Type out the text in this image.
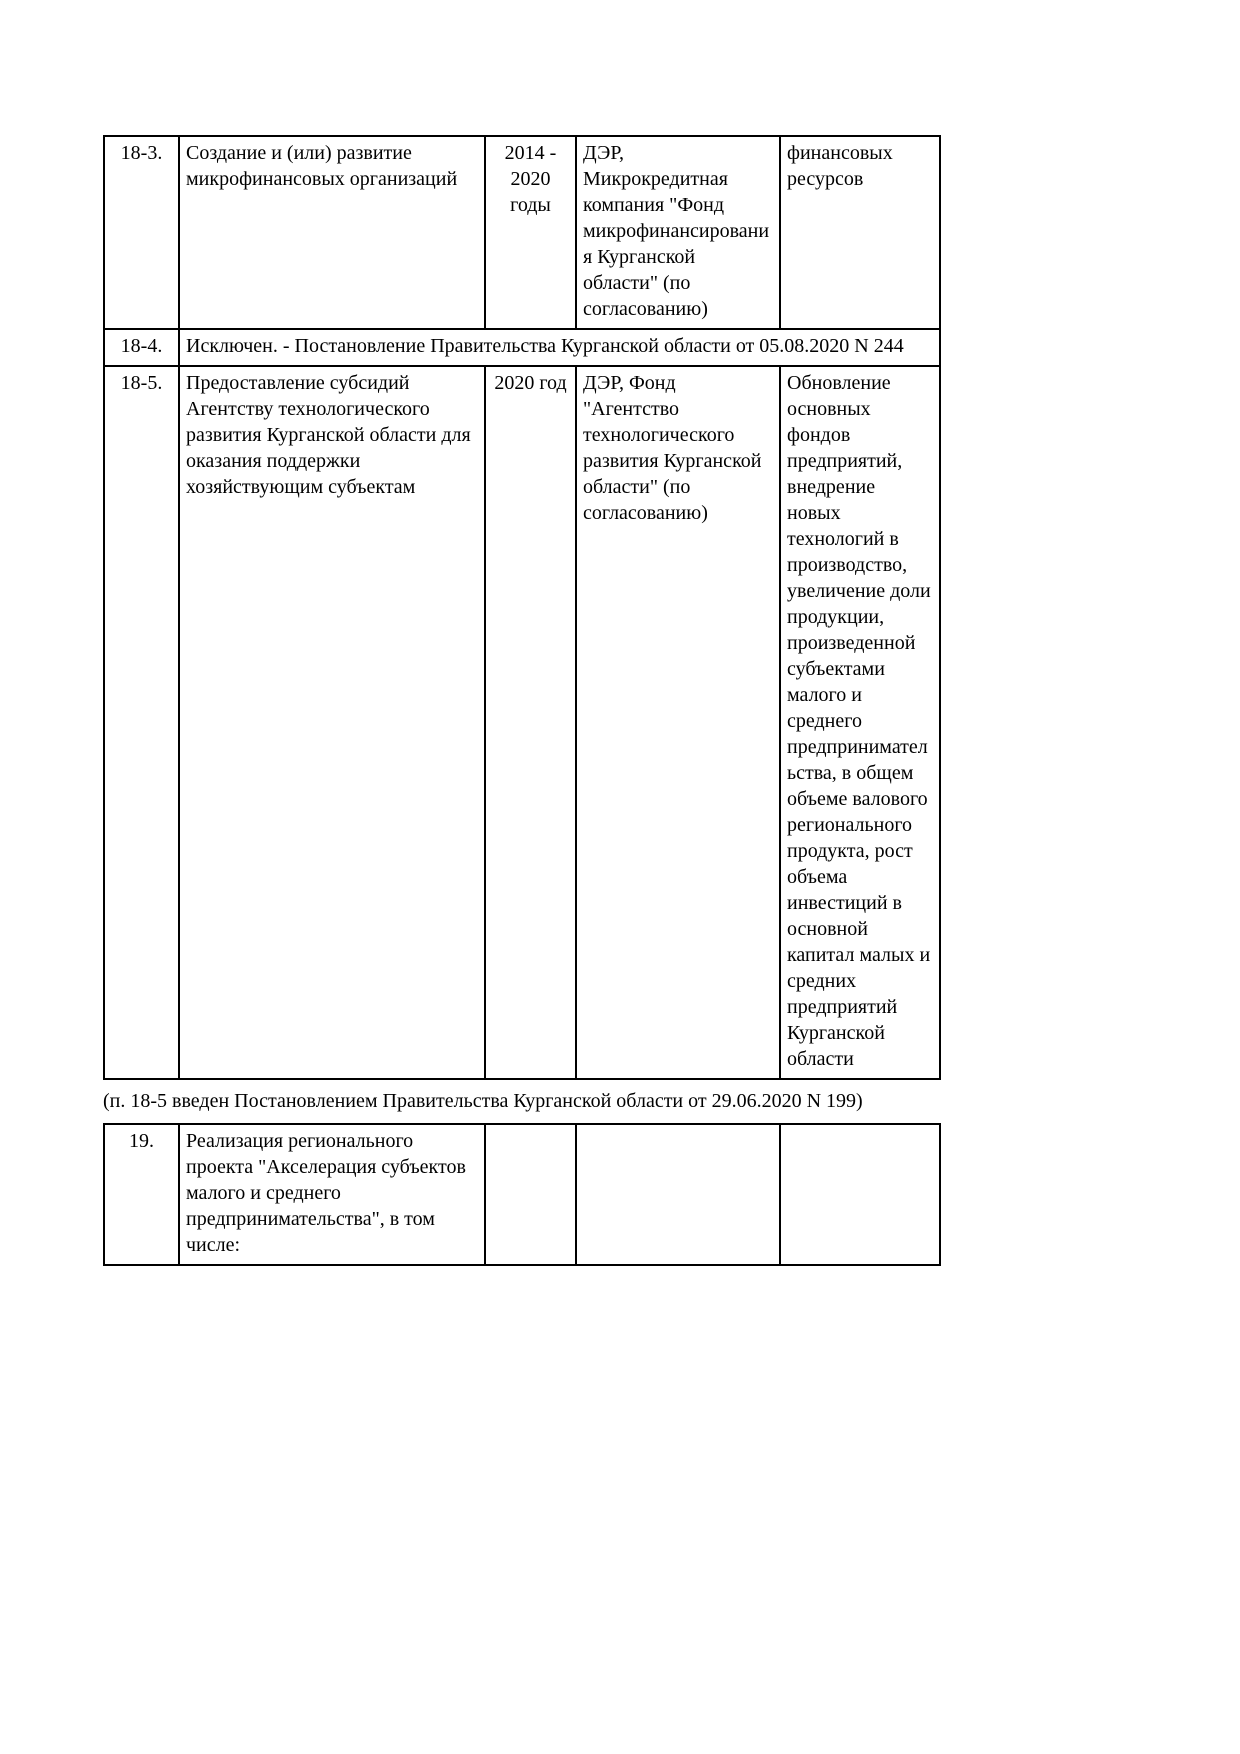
18-3.	Создание и (или) развитие микрофинансовых организаций	2014 - 2020 годы	ДЭР, Микрокредитная компания "Фонд микрофинансирования Курганской области" (по согласованию)	финансовых ресурсов
18-4.	Исключен. - Постановление Правительства Курганской области от 05.08.2020 N 244			
18-5.	Предоставление субсидий Агентству технологического развития Курганской области для оказания поддержки хозяйствующим субъектам	2020 год	ДЭР, Фонд "Агентство технологического развития Курганской области" (по согласованию)	Обновление основных фондов предприятий, внедрение новых технологий в производство, увеличение доли продукции, произведенной субъектами малого и среднего предпринимательства, в общем объеме валового регионального продукта, рост объема инвестиций в основной капитал малых и средних предприятий Курганской области

(п. 18-5 введен Постановлением Правительства Курганской области от 29.06.2020 N 199)

19.	Реализация регионального проекта "Акселерация субъектов малого и среднего предпринимательства", в том числе:			
